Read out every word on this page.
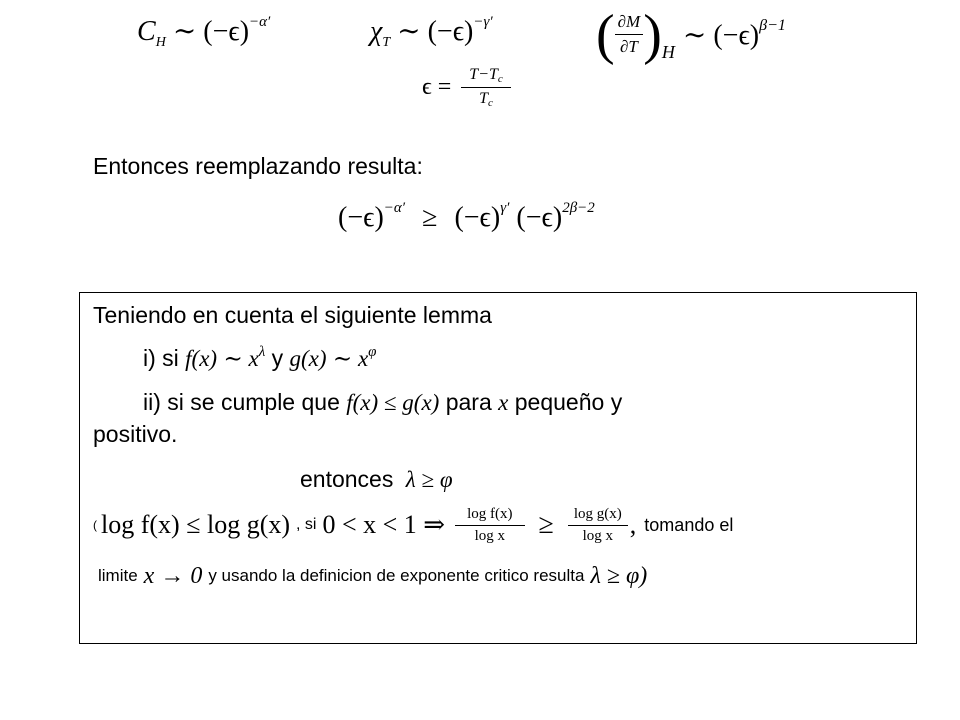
$C_H$ ∼ $(-\epsilon)^{-\alpha'}$	$\chi_T$ ∼ $(-\epsilon)^{-\gamma'}$ ( $\frac{\partial M}{\partial T}$ ) H
∼ (−ϵ) β−1
$\epsilon = \frac{T-Tc}{Tc}$
Entonces reemplazando resulta:
$(-\epsilon)^{-\alpha'} \ge (-\epsilon)^{\gamma'}$ $(-\epsilon)^{2\beta-2}$
Teniendo en cuenta el siguiente lemma
i) si f(x) ∼ $x^\lambda$ y g(x) ∼ $x^\varphi$
ii) si se cumple que f(x) ≤ g(x) para x pequeño y
positivo.
entonces λ ≥ φ
( log f(x) ≤ log g(x) , si 0 < x < 1 ⇒ $\frac{\text{log f(x)}}{\text{log x}} \ge \frac{\text{log g(x)}}{\text{log x}}$ , tomando el
limite x → 0 y usando la definicion de exponente critico resulta λ ≥ φ)
